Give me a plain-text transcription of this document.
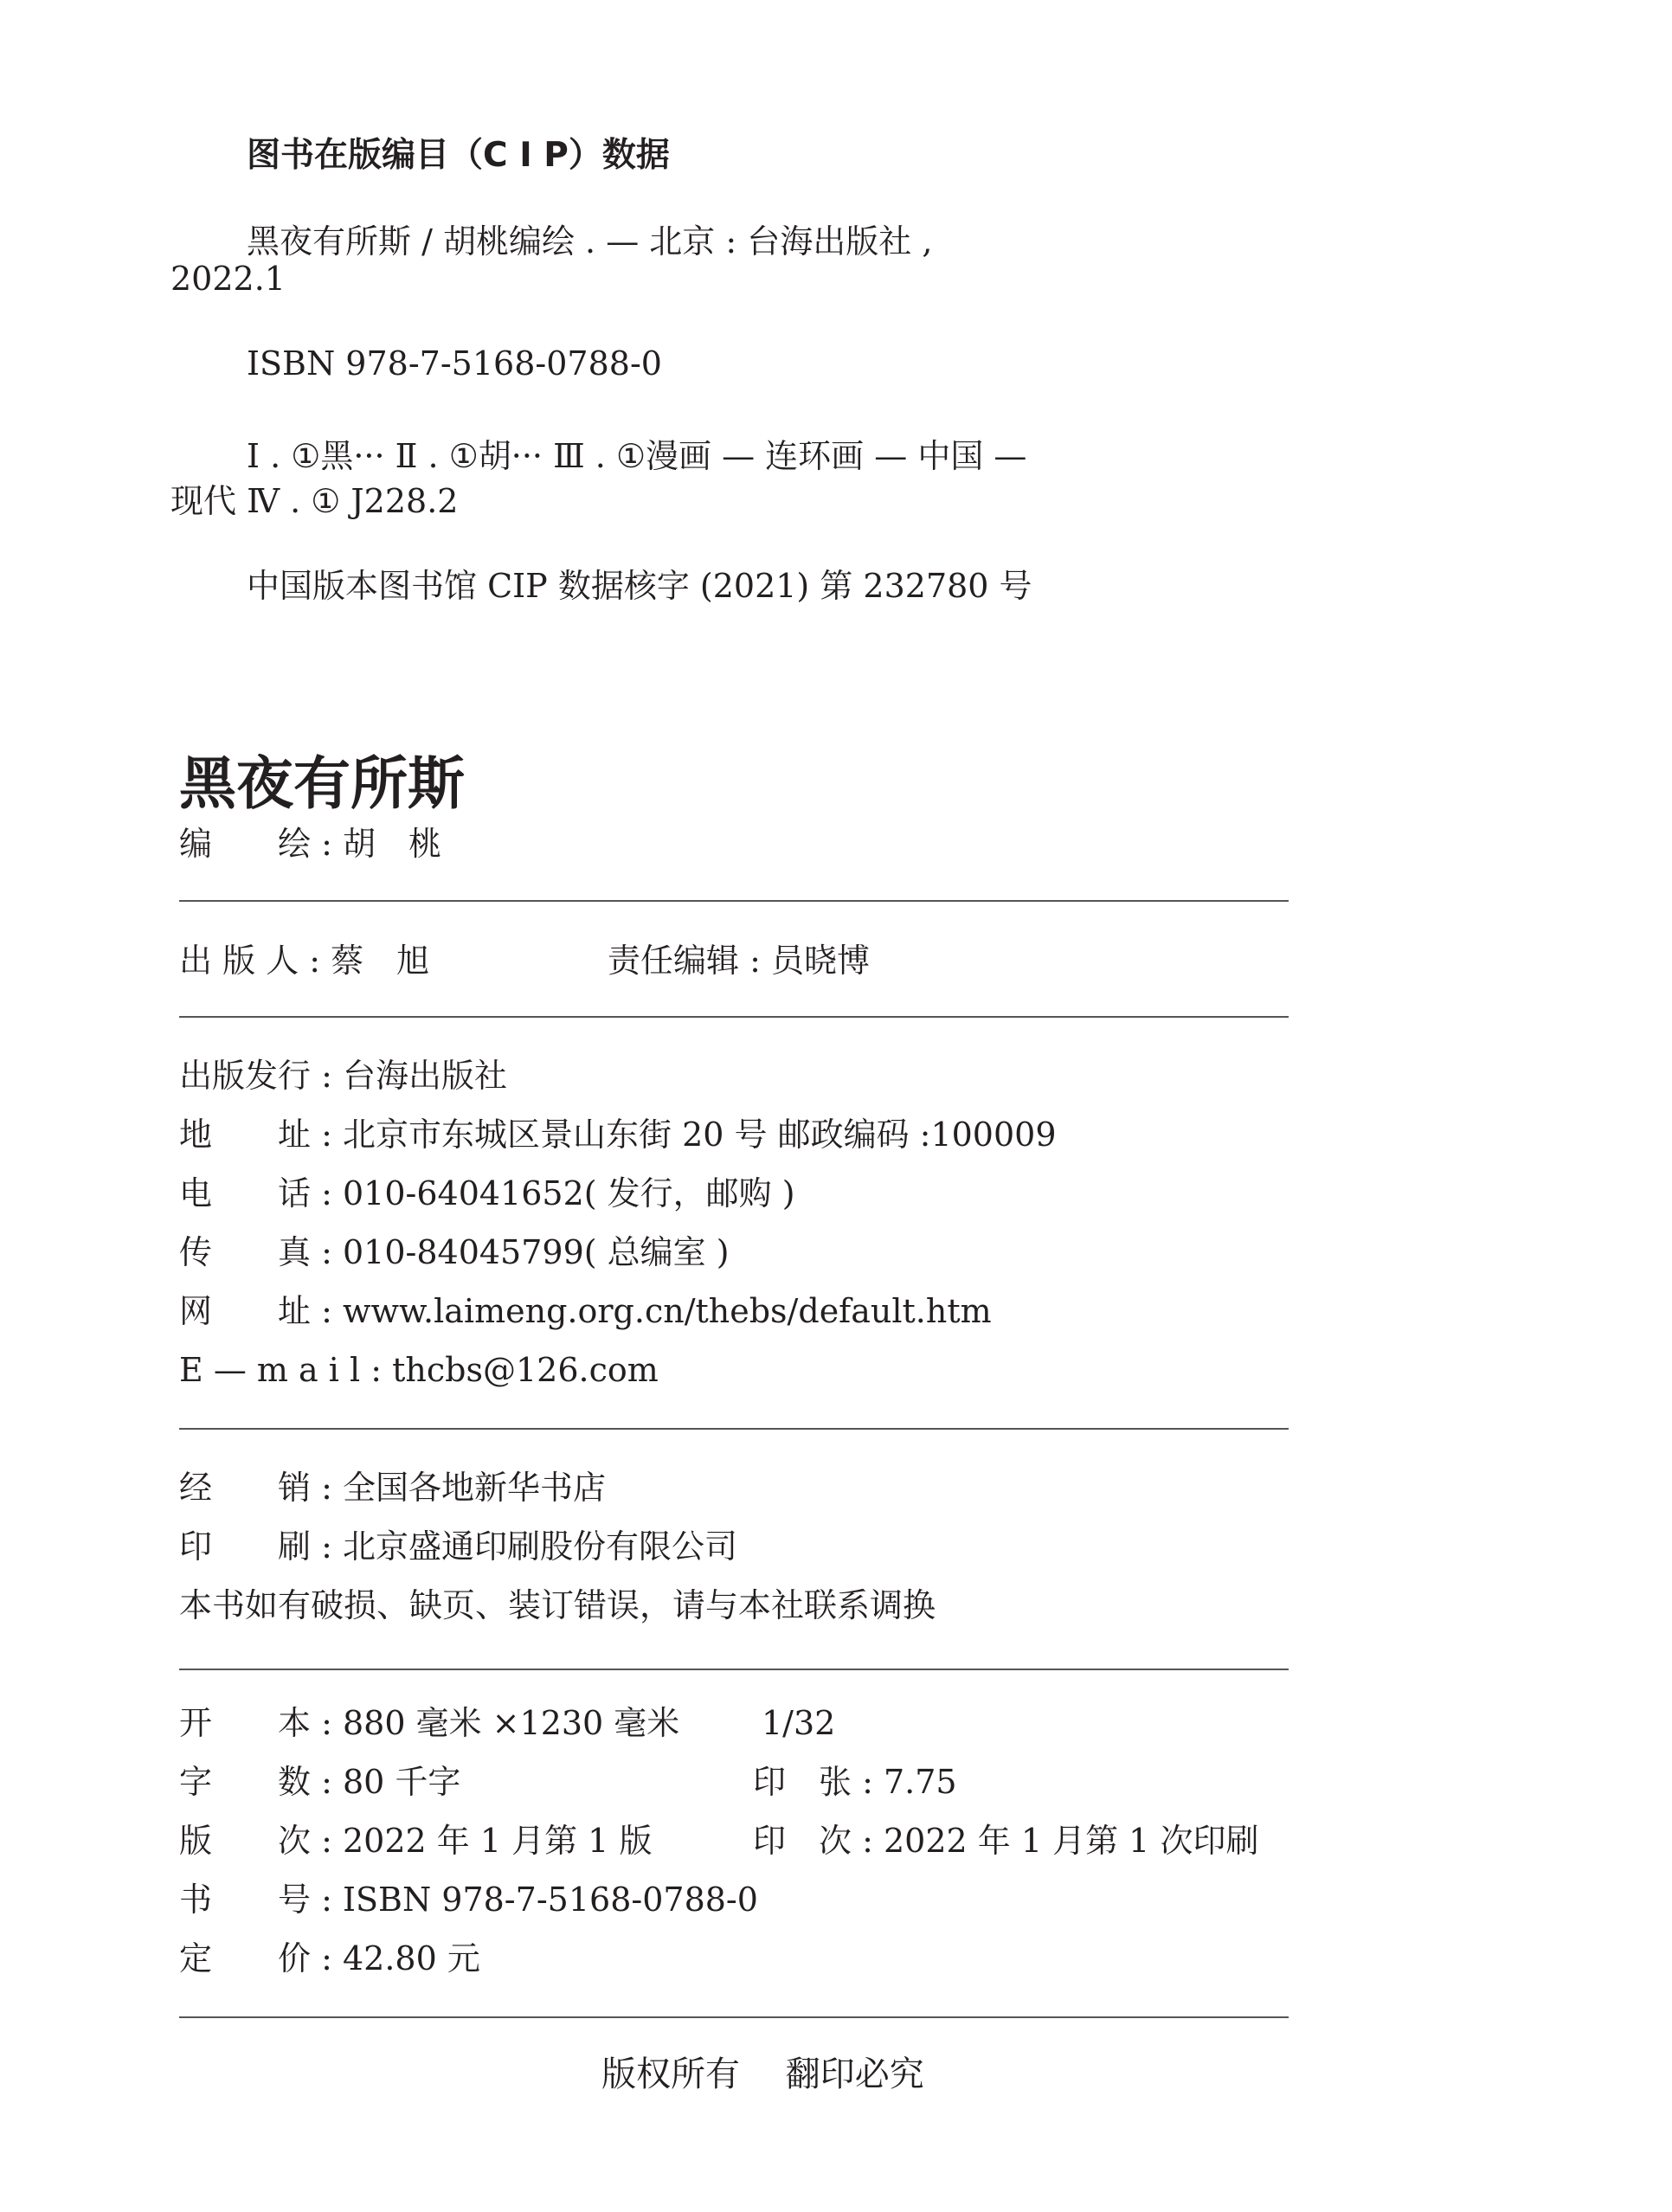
图书在版编目（C I P）数据
黑夜有所斯 / 胡桃编绘 . — 北京 : 台海出版社 ,
2022.1
ISBN 978-7-5168-0788-0
Ⅰ . ①黑··· Ⅱ . ①胡··· Ⅲ . ①漫画 — 连环画 — 中国 —
现代 Ⅳ . ① J228.2
中国版本图书馆 CIP 数据核字 (2021) 第 232780 号
黑夜有所斯
编　　绘 : 胡　桃
出 版 人 : 蔡　旭	责任编辑 : 员晓博
出版发行 : 台海出版社
地　　址 : 北京市东城区景山东街 20 号 邮政编码 :100009
电　　话 : 010-64041652( 发行，邮购 )
传　　真 : 010-84045799( 总编室 )
网　　址 : www.laimeng.org.cn/thebs/default.htm
E — m a i l : thcbs@126.com
经　　销 : 全国各地新华书店
印　　刷 : 北京盛通印刷股份有限公司
本书如有破损、缺页、装订错误，请与本社联系调换
开　　本 : 880 毫米 ×1230 毫米 1/32
字　　数 : 80 千字	印　张 : 7.75
版　　次 : 2022 年 1 月第 1 版	印　次 : 2022 年 1 月第 1 次印刷
书　　号 : ISBN 978-7-5168-0788-0
定　　价 : 42.80 元
版权所有　 翻印必究
